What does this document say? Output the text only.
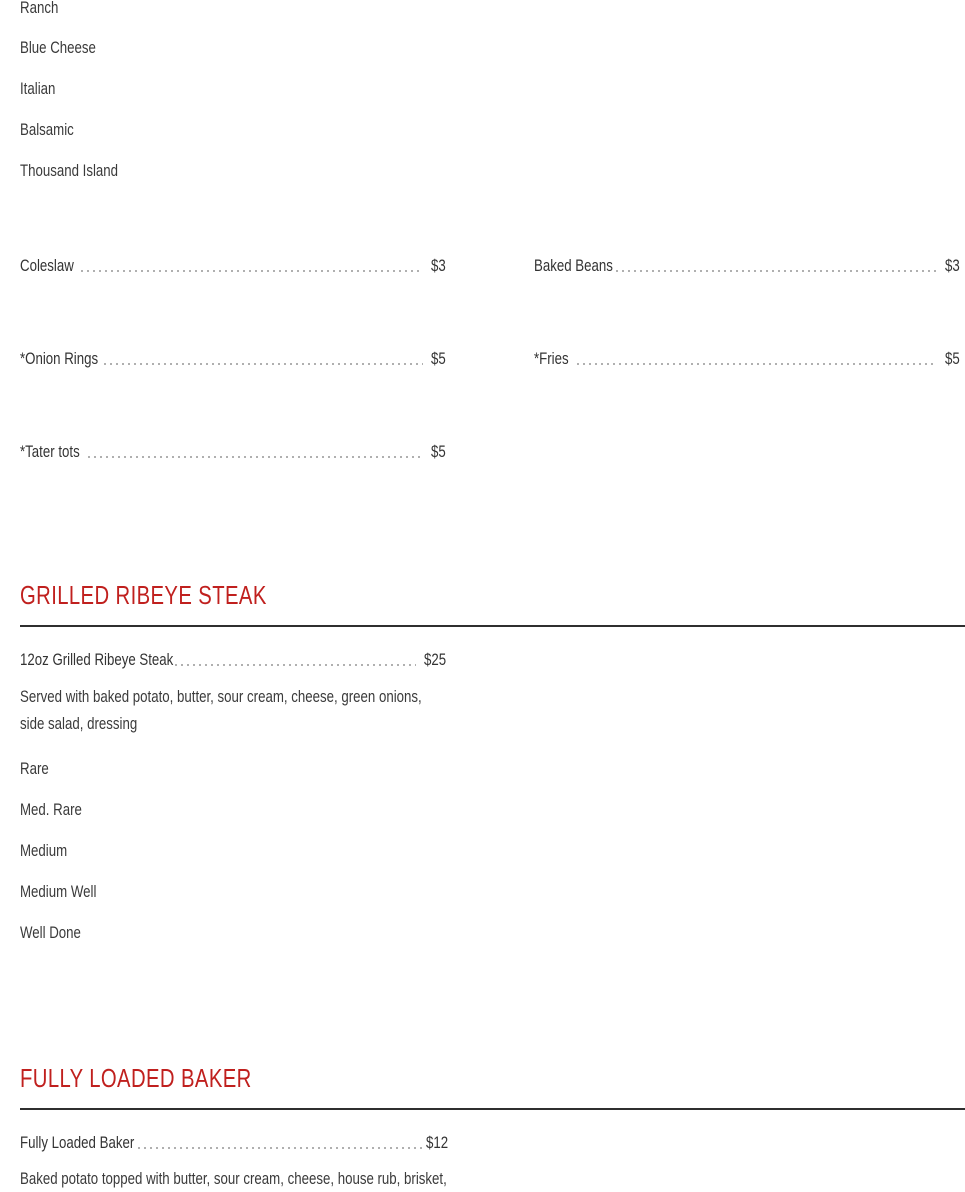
Ranch
Blue Cheese
Italian
Balsamic
Thousand Island
Coleslaw	$3	Baked Beans	$3
*Onion Rings	$5	*Fries	$5
*Tater tots	$5
GRILLED RIBEYE STEAK
12oz Grilled Ribeye Steak	$25
Served with baked potato, butter, sour cream, cheese, green onions, side salad, dressing
Rare
Med. Rare
Medium
Medium Well
Well Done
FULLY LOADED BAKER
Fully Loaded Baker	$12
Baked potato topped with butter, sour cream, cheese, house rub, brisket,
